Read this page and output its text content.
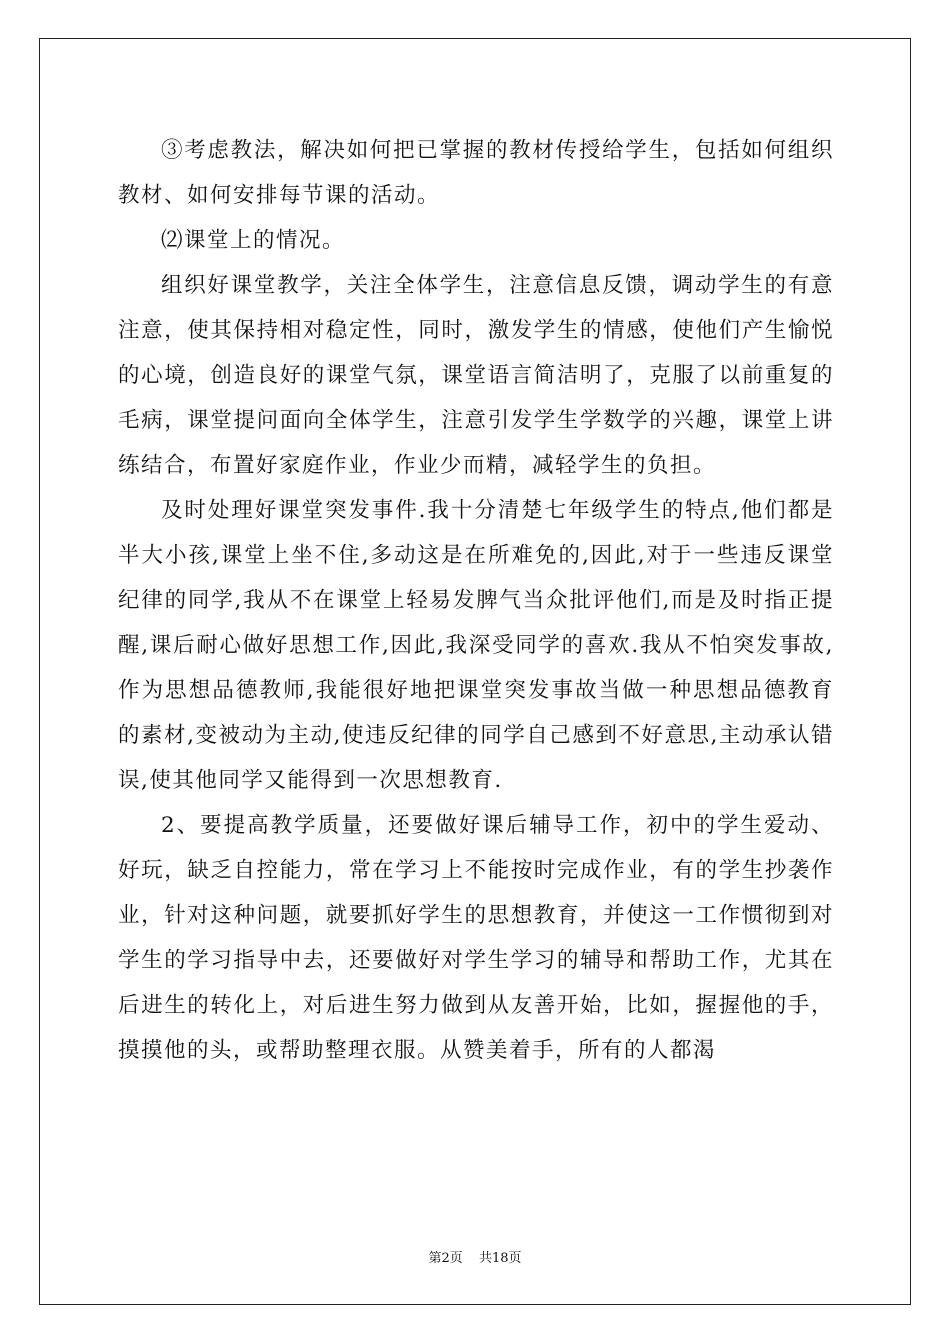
③考虑教法，解决如何把已掌握的教材传授给学生，包括如何组织教材、如何安排每节课的活动。

⑵课堂上的情况。

组织好课堂教学，关注全体学生，注意信息反馈，调动学生的有意注意，使其保持相对稳定性，同时，激发学生的情感，使他们产生愉悦的心境，创造良好的课堂气氛，课堂语言简洁明了，克服了以前重复的毛病，课堂提问面向全体学生，注意引发学生学数学的兴趣，课堂上讲练结合，布置好家庭作业，作业少而精，减轻学生的负担。

及时处理好课堂突发事件.我十分清楚七年级学生的特点,他们都是半大小孩,课堂上坐不住,多动这是在所难免的,因此,对于一些违反课堂纪律的同学,我从不在课堂上轻易发脾气当众批评他们,而是及时指正提醒,课后耐心做好思想工作,因此,我深受同学的喜欢.我从不怕突发事故,作为思想品德教师,我能很好地把课堂突发事故当做一种思想品德教育的素材,变被动为主动,使违反纪律的同学自己感到不好意思,主动承认错误,使其他同学又能得到一次思想教育.

2、要提高教学质量，还要做好课后辅导工作，初中的学生爱动、好玩，缺乏自控能力，常在学习上不能按时完成作业，有的学生抄袭作业，针对这种问题，就要抓好学生的思想教育，并使这一工作惯彻到对学生的学习指导中去，还要做好对学生学习的辅导和帮助工作，尤其在后进生的转化上，对后进生努力做到从友善开始，比如，握握他的手，摸摸他的头，或帮助整理衣服。从赞美着手，所有的人都渴

第2页 共18页
